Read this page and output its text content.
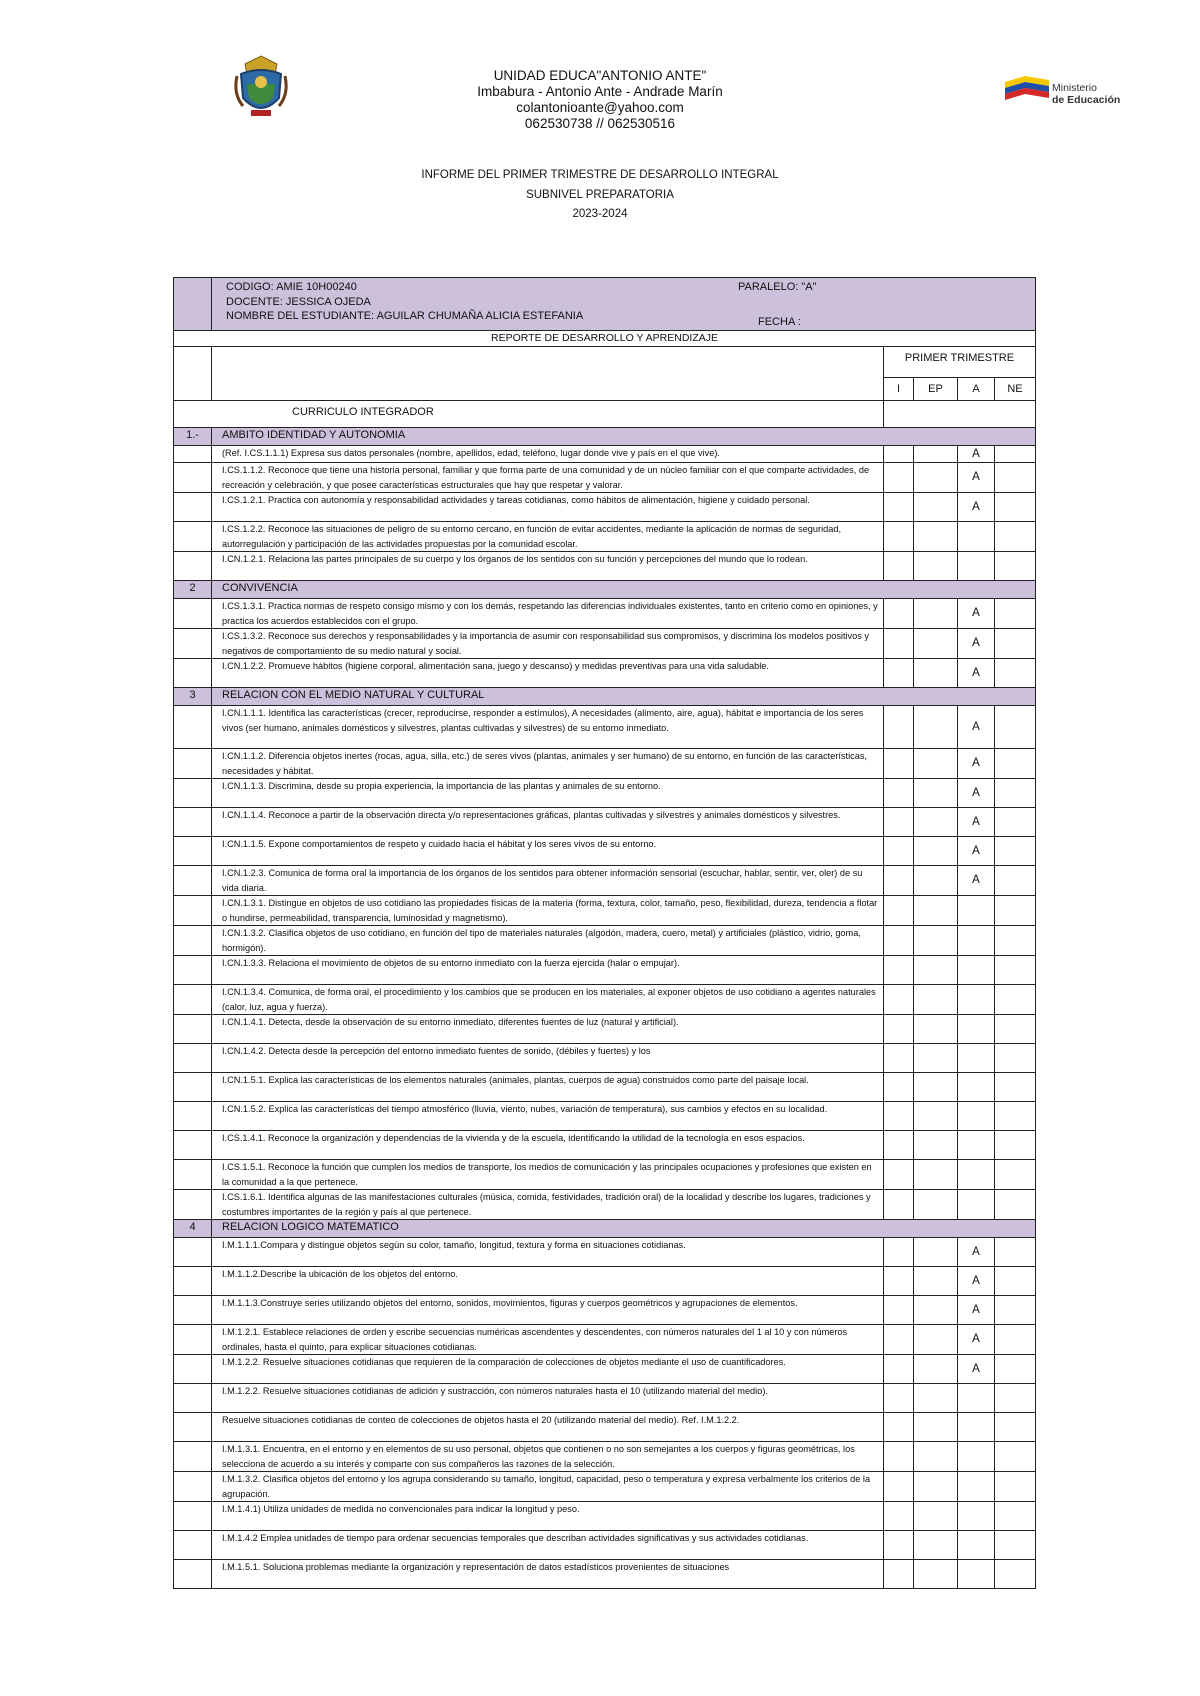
Ministerio
de Educación
UNIDAD EDUCA"ANTONIO ANTE"
Imbabura - Antonio Ante - Andrade Marín
colantonioante@yahoo.com
062530738 // 062530516
INFORME DEL PRIMER TRIMESTRE DE DESARROLLO INTEGRAL
SUBNIVEL PREPARATORIA
2023-2024

	CODIGO: AMIE 10H00240 PARALELO: "A"
DOCENTE: JESSICA OJEDA
NOMBRE DEL ESTUDIANTE: AGUILAR CHUMAÑA ALICIA ESTEFANIA FECHA :				

REPORTE DE DESARROLLO Y APRENDIZAJE					
		PRIMER TRIMESTRE			
		I	EP	A	NE
CURRICULO INTEGRADOR					
1.-	AMBITO IDENTIDAD Y AUTONOMIA				
	(Ref. I.CS.1.1.1) Expresa sus datos personales (nombre, apellidos, edad, teléfono, lugar donde vive y país en el que vive).			A	
	I.CS.1.1.2. Reconoce que tiene una historia personal, familiar y que forma parte de una comunidad y de un núcleo familiar con el que comparte actividades, de recreación y celebración, y que posee características estructurales que hay que respetar y valorar.			A	
	I.CS.1.2.1. Practica con autonomía y responsabilidad actividades y tareas cotidianas, como hábitos de alimentación, higiene y cuidado personal.			A	
	I.CS.1.2.2. Reconoce las situaciones de peligro de su entorno cercano, en función de evitar accidentes, mediante la aplicación de normas de seguridad, autorregulación y participación de las actividades propuestas por la comunidad escolar.				
	I.CN.1.2.1. Relaciona las partes principales de su cuerpo y los órganos de los sentidos con su función y percepciones del mundo que lo rodean.				
2	CONVIVENCIA				
	I.CS.1.3.1. Practica normas de respeto consigo mismo y con los demás, respetando las diferencias individuales existentes, tanto en criterio como en opiniones, y practica los acuerdos establecidos con el grupo.			A	
	I.CS.1.3.2. Reconoce sus derechos y responsabilidades y la importancia de asumir con responsabilidad sus compromisos, y discrimina los modelos positivos y negativos de comportamiento de su medio natural y social.			A	
	I.CN.1.2.2. Promueve hábitos (higiene corporal, alimentación sana, juego y descanso) y medidas preventivas para una vida saludable.			A	
3	RELACION CON EL MEDIO NATURAL Y CULTURAL				
	I.CN.1.1.1. Identifica las características (crecer, reproducirse, responder a estímulos), A necesidades (alimento, aire, agua), hábitat e importancia de los seres vivos (ser humano, animales domésticos y silvestres, plantas cultivadas y silvestres) de su entorno inmediato.			A	
	I.CN.1.1.2. Diferencia objetos inertes (rocas, agua, silla, etc.) de seres vivos (plantas, animales y ser humano) de su entorno, en función de las características, necesidades y hábitat.			A	
	I.CN.1.1.3. Discrimina, desde su propia experiencia, la importancia de las plantas y animales de su entorno.			A	
	I.CN.1.1.4. Reconoce a partir de la observación directa y/o representaciones gráficas, plantas cultivadas y silvestres y animales domésticos y silvestres.			A	
	I.CN.1.1.5. Expone comportamientos de respeto y cuidado hacia el hábitat y los seres vivos de su entorno.			A	
	I.CN.1.2.3. Comunica de forma oral la importancia de los órganos de los sentidos para obtener información sensorial (escuchar, hablar, sentir, ver, oler) de su vida diaria.			A	
	I.CN.1.3.1. Distingue en objetos de uso cotidiano las propiedades físicas de la materia (forma, textura, color, tamaño, peso, flexibilidad, dureza, tendencia a flotar o hundirse, permeabilidad, transparencia, luminosidad y magnetismo).				
	I.CN.1.3.2. Clasifica objetos de uso cotidiano, en función del tipo de materiales naturales (algodón, madera, cuero, metal) y artificiales (plástico, vidrio, goma, hormigón).				
	I.CN.1.3.3. Relaciona el movimiento de objetos de su entorno inmediato con la fuerza ejercida (halar o empujar).				
	I.CN.1.3.4. Comunica, de forma oral, el procedimiento y los cambios que se producen en los materiales, al exponer objetos de uso cotidiano a agentes naturales (calor, luz, agua y fuerza).				
	I.CN.1.4.1. Detecta, desde la observación de su entorno inmediato, diferentes fuentes de luz (natural y artificial).				
	I.CN.1.4.2. Detecta desde la percepción del entorno inmediato fuentes de sonido, (débiles y fuertes) y los				
	I.CN.1.5.1. Explica las características de los elementos naturales (animales, plantas, cuerpos de agua) construidos como parte del paisaje local.				
	I.CN.1.5.2. Explica las características del tiempo atmosférico (lluvia, viento, nubes, variación de temperatura), sus cambios y efectos en su localidad.				
	I.CS.1.4.1. Reconoce la organización y dependencias de la vivienda y de la escuela, identificando la utilidad de la tecnología en esos espacios.				
	I.CS.1.5.1. Reconoce la función que cumplen los medios de transporte, los medios de comunicación y las principales ocupaciones y profesiones que existen en la comunidad a la que pertenece.				
	I.CS.1.6.1. Identifica algunas de las manifestaciones culturales (música, comida, festividades, tradición oral) de la localidad y describe los lugares, tradiciones y costumbres importantes de la región y país al que pertenece.				
4	RELACION LOGICO MATEMATICO				
	I.M.1.1.1.Compara y distingue objetos según su color, tamaño, longitud, textura y forma en situaciones cotidianas.			A	
	I.M.1.1.2.Describe la ubicación de los objetos del entorno.			A	
	I.M.1.1.3.Construye series utilizando objetos del entorno, sonidos, movimientos, figuras y cuerpos geométricos y agrupaciones de elementos.			A	
	I.M.1.2.1. Establece relaciones de orden y escribe secuencias numéricas ascendentes y descendentes, con números naturales del 1 al 10 y con números ordinales, hasta el quinto, para explicar situaciones cotidianas.			A	
	I.M.1.2.2. Resuelve situaciones cotidianas que requieren de la comparación de colecciones de objetos mediante el uso de cuantificadores.			A	
	I.M.1.2.2. Resuelve situaciones cotidianas de adición y sustracción, con números naturales hasta el 10 (utilizando material del medio).				
	Resuelve situaciones cotidianas de conteo de colecciones de objetos hasta el 20 (utilizando material del medio). Ref. I.M.1.2.2.				
	I.M.1.3.1. Encuentra, en el entorno y en elementos de su uso personal, objetos que contienen o no son semejantes a los cuerpos y figuras geométricas, los selecciona de acuerdo a su interés y comparte con sus compañeros las razones de la selección.				
	I.M.1.3.2. Clasifica objetos del entorno y los agrupa considerando su tamaño, longitud, capacidad, peso o temperatura y expresa verbalmente los criterios de la agrupación.				
	I.M.1.4.1) Utiliza unidades de medida no convencionales para indicar la longitud y peso.				
	I.M.1.4.2 Emplea unidades de tiempo para ordenar secuencias temporales que describan actividades significativas y sus actividades cotidianas.				
	I.M.1.5.1. Soluciona problemas mediante la organización y representación de datos estadísticos provenientes de situaciones				
